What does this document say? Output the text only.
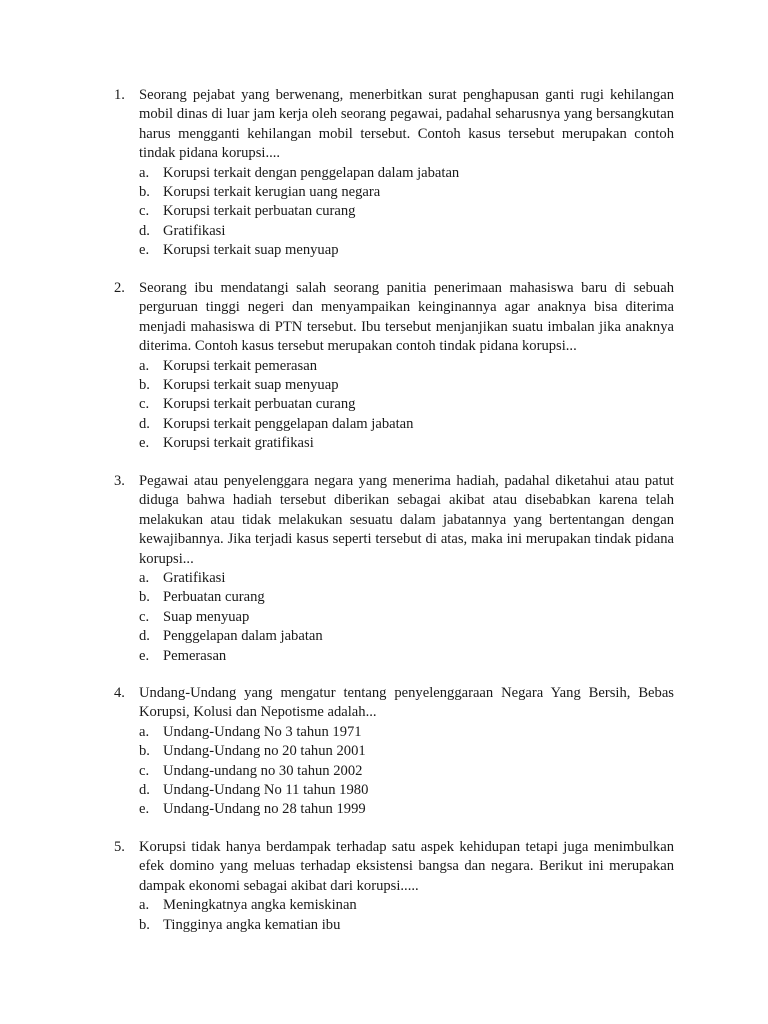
1. Seorang pejabat yang berwenang, menerbitkan surat penghapusan ganti rugi kehilangan mobil dinas di luar jam kerja oleh seorang pegawai, padahal seharusnya yang bersangkutan harus mengganti kehilangan mobil tersebut. Contoh kasus tersebut merupakan contoh tindak pidana korupsi....
a. Korupsi terkait dengan penggelapan dalam jabatan
b. Korupsi terkait kerugian uang negara
c. Korupsi terkait perbuatan curang
d. Gratifikasi
e. Korupsi terkait suap menyuap
2. Seorang ibu mendatangi salah seorang panitia penerimaan mahasiswa baru di sebuah perguruan tinggi negeri dan menyampaikan keinginannya agar anaknya bisa diterima menjadi mahasiswa di PTN tersebut. Ibu tersebut menjanjikan suatu imbalan jika anaknya diterima. Contoh kasus tersebut merupakan contoh tindak pidana korupsi...
a. Korupsi terkait pemerasan
b. Korupsi terkait suap menyuap
c. Korupsi terkait perbuatan curang
d. Korupsi terkait penggelapan dalam jabatan
e. Korupsi terkait gratifikasi
3. Pegawai atau penyelenggara negara yang menerima hadiah, padahal diketahui atau patut diduga bahwa hadiah tersebut diberikan sebagai akibat atau disebabkan karena telah melakukan atau tidak melakukan sesuatu dalam jabatannya yang bertentangan dengan kewajibannya. Jika terjadi kasus seperti tersebut di atas, maka ini merupakan tindak pidana korupsi...
a. Gratifikasi
b. Perbuatan curang
c. Suap menyuap
d. Penggelapan dalam jabatan
e. Pemerasan
4. Undang-Undang yang mengatur tentang penyelenggaraan Negara Yang Bersih, Bebas Korupsi, Kolusi dan Nepotisme adalah...
a. Undang-Undang No 3 tahun 1971
b. Undang-Undang no 20 tahun 2001
c. Undang-undang no 30 tahun 2002
d. Undang-Undang No 11 tahun 1980
e. Undang-Undang no 28 tahun 1999
5. Korupsi tidak hanya berdampak terhadap satu aspek kehidupan tetapi juga menimbulkan efek domino yang meluas terhadap eksistensi bangsa dan negara. Berikut ini merupakan dampak ekonomi sebagai akibat dari korupsi.....
a. Meningkatnya angka kemiskinan
b. Tingginya angka kematian ibu
